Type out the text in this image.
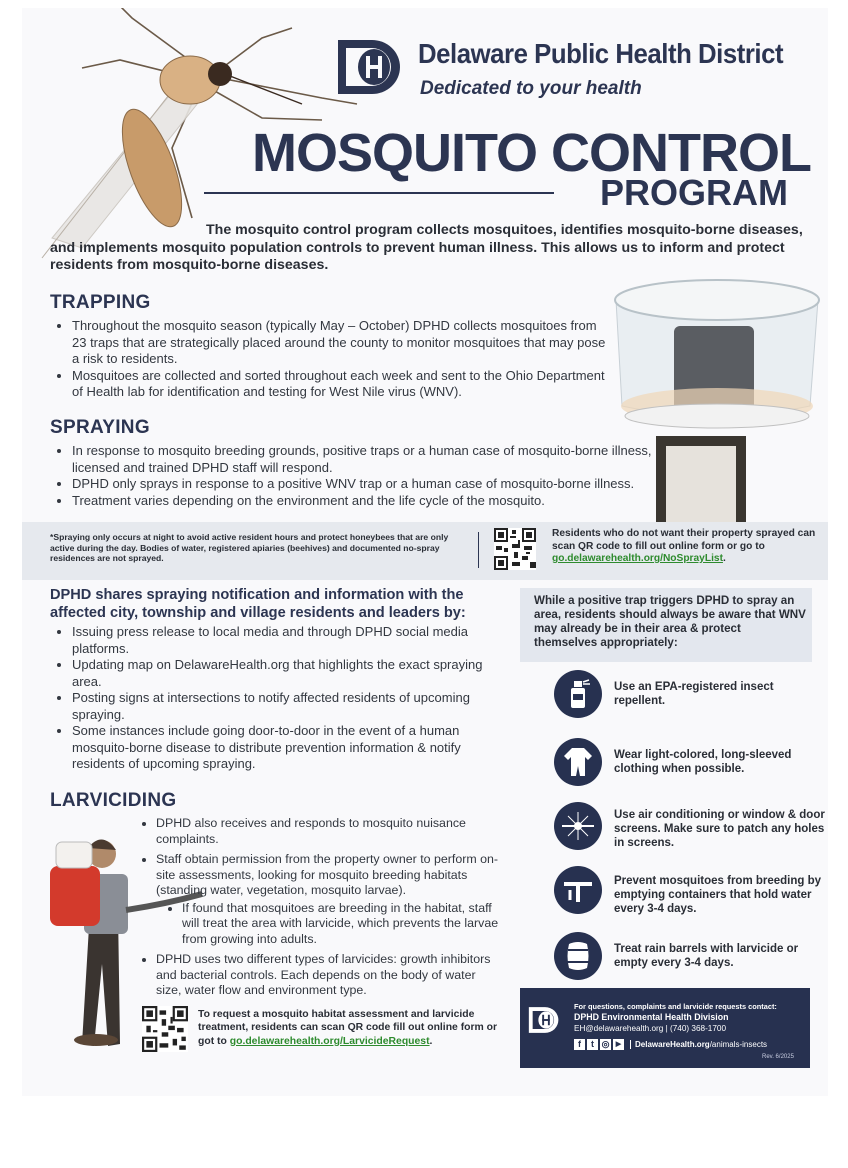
Delaware Public Health District
Dedicated to your health
MOSQUITO CONTROL
PROGRAM
The mosquito control program collects mosquitoes, identifies mosquito-borne diseases, and implements mosquito population controls to prevent human illness. This allows us to inform and protect residents from mosquito-borne diseases.
TRAPPING
• Throughout the mosquito season (typically May – October) DPHD collects mosquitoes from 23 traps that are strategically placed around the county to monitor mosquitoes that may pose a risk to residents.
• Mosquitoes are collected and sorted throughout each week and sent to the Ohio Department of Health lab for identification and testing for West Nile virus (WNV).
SPRAYING
• In response to mosquito breeding grounds, positive traps or a human case of mosquito-borne illness, licensed and trained DPHD staff will respond.
• DPHD only sprays in response to a positive WNV trap or a human case of mosquito-borne illness.
• Treatment varies depending on the environment and the life cycle of the mosquito.
*Spraying only occurs at night to avoid active resident hours and protect honeybees that are only active during the day. Bodies of water, registered apiaries (beehives) and documented no-spray residences are not sprayed.
Residents who do not want their property sprayed can scan QR code to fill out online form or go to go.delawarehealth.org/NoSprayList.
DPHD shares spraying notification and information with the affected city, township and village residents and leaders by:
• Issuing press release to local media and through DPHD social media platforms.
• Updating map on DelawareHealth.org that highlights the exact spraying area.
• Posting signs at intersections to notify affected residents of upcoming spraying.
• Some instances include going door-to-door in the event of a human mosquito-borne disease to distribute prevention information & notify residents of upcoming spraying.
While a positive trap triggers DPHD to spray an area, residents should always be aware that WNV may already be in their area & protect themselves appropriately:
Use an EPA-registered insect repellent.
Wear light-colored, long-sleeved clothing when possible.
Use air conditioning or window & door screens. Make sure to patch any holes in screens.
Prevent mosquitoes from breeding by emptying containers that hold water every 3-4 days.
Treat rain barrels with larvicide or empty every 3-4 days.
LARVICIDING
• DPHD also receives and responds to mosquito nuisance complaints.
• Staff obtain permission from the property owner to perform on-site assessments, looking for mosquito breeding habitats (standing water, vegetation, mosquito larvae).
• If found that mosquitoes are breeding in the habitat, staff will treat the area with larvicide, which prevents the larvae from growing into adults.
• DPHD uses two different types of larvicides: growth inhibitors and bacterial controls. Each depends on the body of water size, water flow and environment type.
To request a mosquito habitat assessment and larvicide treatment, residents can scan QR code fill out online form or got to go.delawarehealth.org/LarvicideRequest.
For questions, complaints and larvicide requests contact:
DPHD Environmental Health Division
EH@delawarehealth.org | (740) 368-1700
f	t ◎ ▶	DelawareHealth.org/animals-insects
Rev. 6/2025
